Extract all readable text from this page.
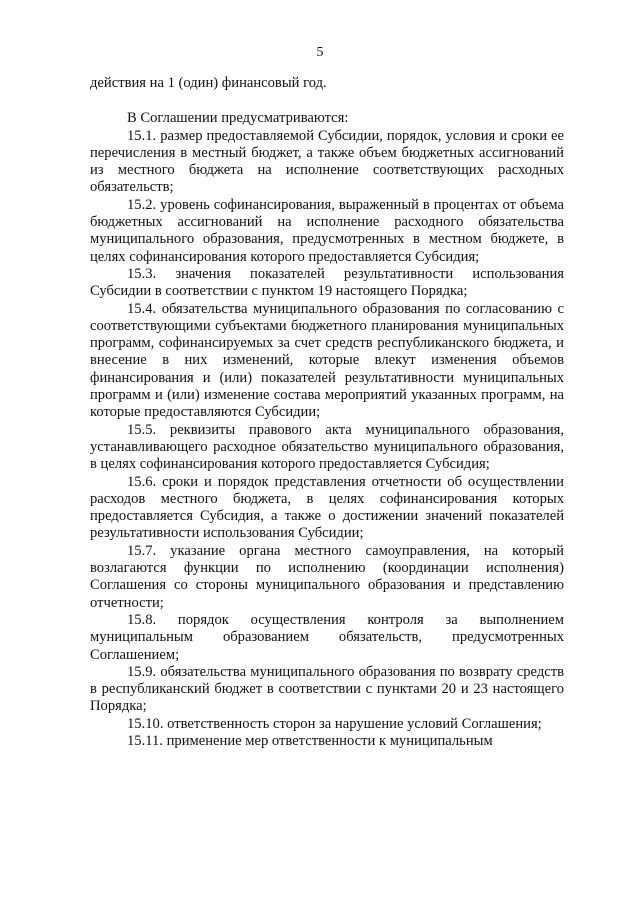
5

действия на 1 (один) финансовый год.

В Соглашении предусматриваются:

15.1. размер предоставляемой Субсидии, порядок, условия и сроки ее перечисления в местный бюджет, а также объем бюджетных ассигнований из местного бюджета на исполнение соответствующих расходных обязательств;

15.2. уровень софинансирования, выраженный в процентах от объема бюджетных ассигнований на исполнение расходного обязательства муниципального образования, предусмотренных в местном бюджете, в целях софинансирования которого предоставляется Субсидия;

15.3. значения показателей результативности использования Субсидии в соответствии с пунктом 19 настоящего Порядка;

15.4. обязательства муниципального образования по согласованию с соответствующими субъектами бюджетного планирования муниципальных программ, софинансируемых за счет средств республиканского бюджета, и внесение в них изменений, которые влекут изменения объемов финансирования и (или) показателей результативности муниципальных программ и (или) изменение состава мероприятий указанных программ, на которые предоставляются Субсидии;

15.5. реквизиты правового акта муниципального образования, устанавливающего расходное обязательство муниципального образования, в целях софинансирования которого предоставляется Субсидия;

15.6. сроки и порядок представления отчетности об осуществлении расходов местного бюджета, в целях софинансирования которых предоставляется Субсидия, а также о достижении значений показателей результативности использования Субсидии;

15.7. указание органа местного самоуправления, на который возлагаются функции по исполнению (координации исполнения) Соглашения со стороны муниципального образования и представлению отчетности;

15.8. порядок осуществления контроля за выполнением муниципальным образованием обязательств, предусмотренных Соглашением;

15.9. обязательства муниципального образования по возврату средств в республиканский бюджет в соответствии с пунктами 20 и 23 настоящего Порядка;

15.10. ответственность сторон за нарушение условий Соглашения;

15.11. применение мер ответственности к муниципальным
